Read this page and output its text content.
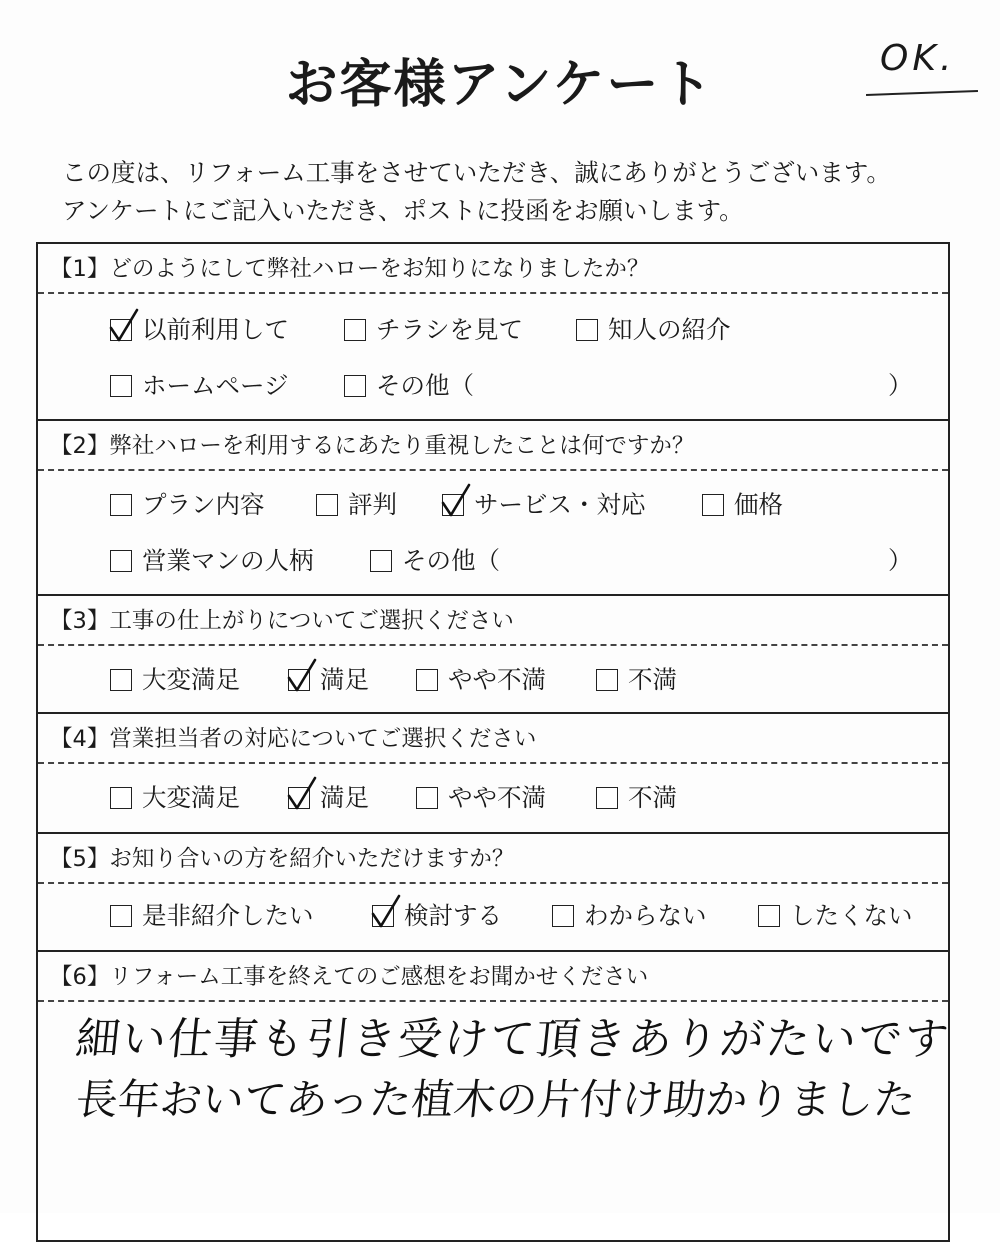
お客様アンケート	OK.
この度は、リフォーム工事をさせていただき、誠にありがとうございます。
アンケートにご記入いただき、ポストに投函をお願いします。
【1】どのようにして弊社ハローをお知りになりましたか？
以前利用して	チラシを見て	知人の紹介
ホームページ	その他（	）
【2】弊社ハローを利用するにあたり重視したことは何ですか？
プラン内容	評判	サービス・対応	価格
営業マンの人柄	その他（	）
【3】工事の仕上がりについてご選択ください
大変満足	満足	やや不満	不満
【4】営業担当者の対応についてご選択ください
大変満足	満足	やや不満	不満
【5】お知り合いの方を紹介いただけますか？
是非紹介したい	検討する	わからない	したくない
【6】リフォーム工事を終えてのご感想をお聞かせください
細い仕事も引き受けて頂きありがたいです
長年おいてあった植木の片付け助かりました
